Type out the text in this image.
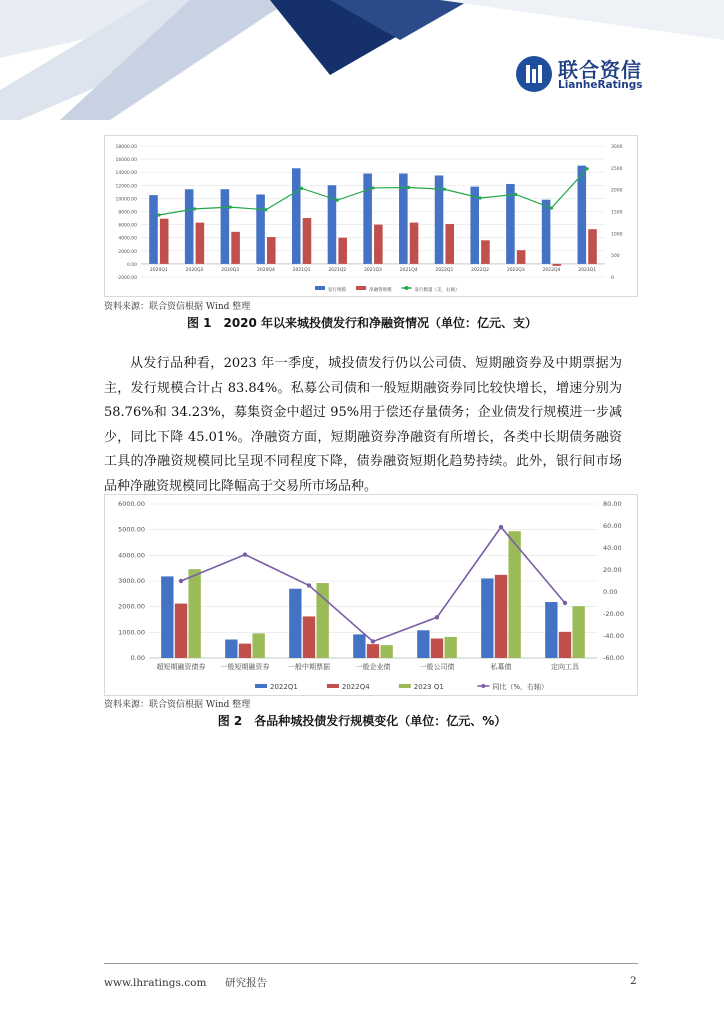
联合资信
LianheRatings
-2000.00
0.00
2000.00
4000.00
6000.00
8000.00
10000.00
12000.00
14000.00
16000.00
18000.00
0
500
1000
1500
2000
2500
3000
2020Q1	2020Q2	2020Q3	2020Q4	2021Q1	2021Q2	2021Q3	2021Q4	2022Q1	2022Q2	2022Q3	2022Q4	2023Q1
发行规模	净融资规模	发行数量（支，右轴）
资料来源：联合资信根据 Wind 整理
图 1　2020 年以来城投债发行和净融资情况（单位：亿元、支）

从发行品种看，2023 年一季度，城投债发行仍以公司债、短期融资券及中期票据为主，发行规模合计占 83.84%。私募公司债和一般短期融资券同比较快增长，增速分别为 58.76%和 34.23%，募集资金中超过 95%用于偿还存量债务；企业债发行规模进一步减少，同比下降 45.01%。净融资方面，短期融资券净融资有所增长，各类中长期债务融资工具的净融资规模同比呈现不同程度下降，债券融资短期化趋势持续。此外，银行间市场品种净融资规模同比降幅高于交易所市场品种。

0.00
1000.00
2000.00
3000.00
4000.00
5000.00
6000.00
-60.00
-40.00
-20.00
0.00
20.00
40.00
60.00
80.00
超短期融资债券 一般短期融资券	一般中期票据	一般企业债	一般公司债	私募债	定向工具
2022Q1	2022Q4	2023 Q1	同比（%，右轴）
资料来源：联合资信根据 Wind 整理
图 2　各品种城投债发行规模变化（单位：亿元、%）
www.lhratings.com 研究报告	2
